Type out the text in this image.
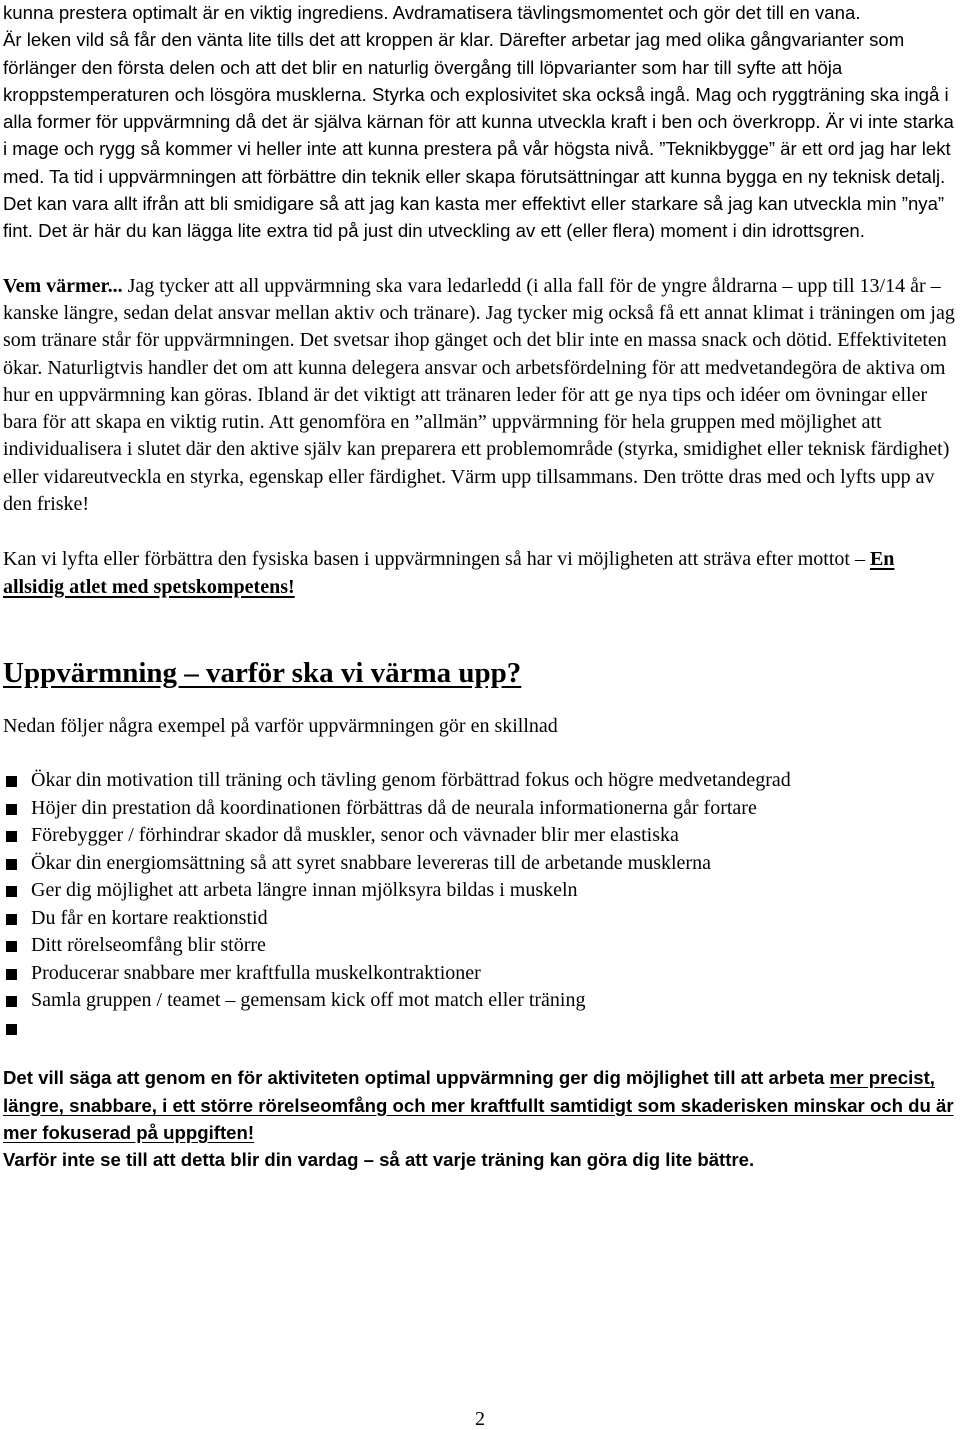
kunna prestera optimalt är en viktig ingrediens. Avdramatisera tävlingsmomentet och gör det till en vana.

Är leken vild så får den vänta lite tills det att kroppen är klar. Därefter arbetar jag med olika gångvarianter som förlänger den första delen och att det blir en naturlig övergång till löpvarianter som har till syfte att höja kroppstemperaturen och lösgöra musklerna. Styrka och explosivitet ska också ingå. Mag och ryggträning ska ingå i alla former för uppvärmning då det är själva kärnan för att kunna utveckla kraft i ben och överkropp. Är vi inte starka i mage och rygg så kommer vi heller inte att kunna prestera på vår högsta nivå. ”Teknikbygge” är ett ord jag har lekt med. Ta tid i uppvärmningen att förbättre din teknik eller skapa förutsättningar att kunna bygga en ny teknisk detalj. Det kan vara allt ifrån att bli smidigare så att jag kan kasta mer effektivt eller starkare så jag kan utveckla min ”nya” fint. Det är här du kan lägga lite extra tid på just din utveckling av ett (eller flera) moment i din idrottsgren.

Vem värmer... Jag tycker att all uppvärmning ska vara ledarledd (i alla fall för de yngre åldrarna – upp till 13/14 år – kanske längre, sedan delat ansvar mellan aktiv och tränare). Jag tycker mig också få ett annat klimat i träningen om jag som tränare står för uppvärmningen. Det svetsar ihop gänget och det blir inte en massa snack och dötid. Effektiviteten ökar. Naturligtvis handler det om att kunna delegera ansvar och arbetsfördelning för att medvetandegöra de aktiva om hur en uppvärmning kan göras. Ibland är det viktigt att tränaren leder för att ge nya tips och idéer om övningar eller bara för att skapa en viktig rutin. Att genomföra en ”allmän” uppvärmning för hela gruppen med möjlighet att individualisera i slutet där den aktive själv kan preparera ett problemområde (styrka, smidighet eller teknisk färdighet) eller vidareutveckla en styrka, egenskap eller färdighet. Värm upp tillsammans. Den trötte dras med och lyfts upp av den friske!

Kan vi lyfta eller förbättra den fysiska basen i uppvärmningen så har vi möjligheten att sträva efter mottot – En allsidig atlet med spetskompetens!

Uppvärmning – varför ska vi värma upp?

Nedan följer några exempel på varför uppvärmningen gör en skillnad

Ökar din motivation till träning och tävling genom förbättrad fokus och högre medvetandegrad
Höjer din prestation då koordinationen förbättras då de neurala informationerna går fortare
Förebygger / förhindrar skador då muskler, senor och vävnader blir mer elastiska
Ökar din energiomsättning så att syret snabbare levereras till de arbetande musklerna
Ger dig möjlighet att arbeta längre innan mjölksyra bildas i muskeln
Du får en kortare reaktionstid
Ditt rörelseomfång blir större
Producerar snabbare mer kraftfulla muskelkontraktioner
Samla gruppen / teamet – gemensam kick off mot match eller träning

Det vill säga att genom en för aktiviteten optimal uppvärmning ger dig möjlighet till att arbeta mer precist, längre, snabbare, i ett större rörelseomfång och mer kraftfullt samtidigt som skaderisken minskar och du är mer fokuserad på uppgiften!

Varför inte se till att detta blir din vardag – så att varje träning kan göra dig lite bättre.

2
